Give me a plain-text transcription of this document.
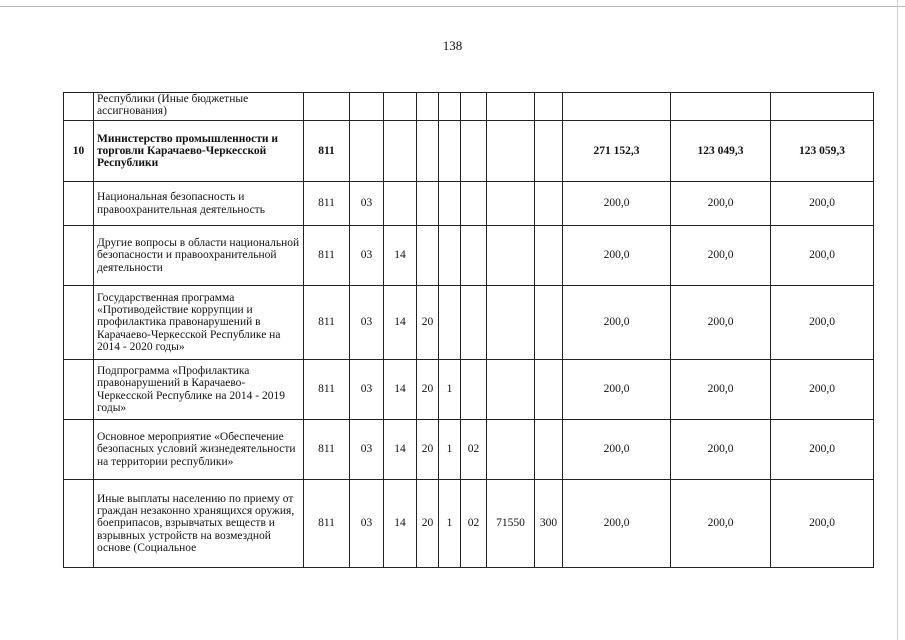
138
	Республики (Иные бюджетные ассигнования)											
10	Министерство промышленности и торговли Карачаево-Черкесской Республики	811								271 152,3	123 049,3	123 059,3
	Национальная безопасность и правоохранительная деятельность	811	03							200,0	200,0	200,0
	Другие вопросы в области национальной безопасности и правоохранительной деятельности	811	03	14						200,0	200,0	200,0
	Государственная программа «Противодействие коррупции и профилактика правонарушений в Карачаево-Черкесской Республике на 2014 - 2020 годы»	811	03	14	20					200,0	200,0	200,0
	Подпрограмма «Профилактика правонарушений в Карачаево-Черкесской Республике на 2014 - 2019 годы»	811	03	14	20	1				200,0	200,0	200,0
	Основное мероприятие «Обеспечение безопасных условий жизнедеятельности на территории республики»	811	03	14	20	1	02			200,0	200,0	200,0
	Иные выплаты населению по приему от граждан незаконно хранящихся оружия, боеприпасов, взрывчатых веществ и взрывных устройств на возмездной основе (Социальное	811	03	14	20	1	02	71550	300	200,0	200,0	200,0
